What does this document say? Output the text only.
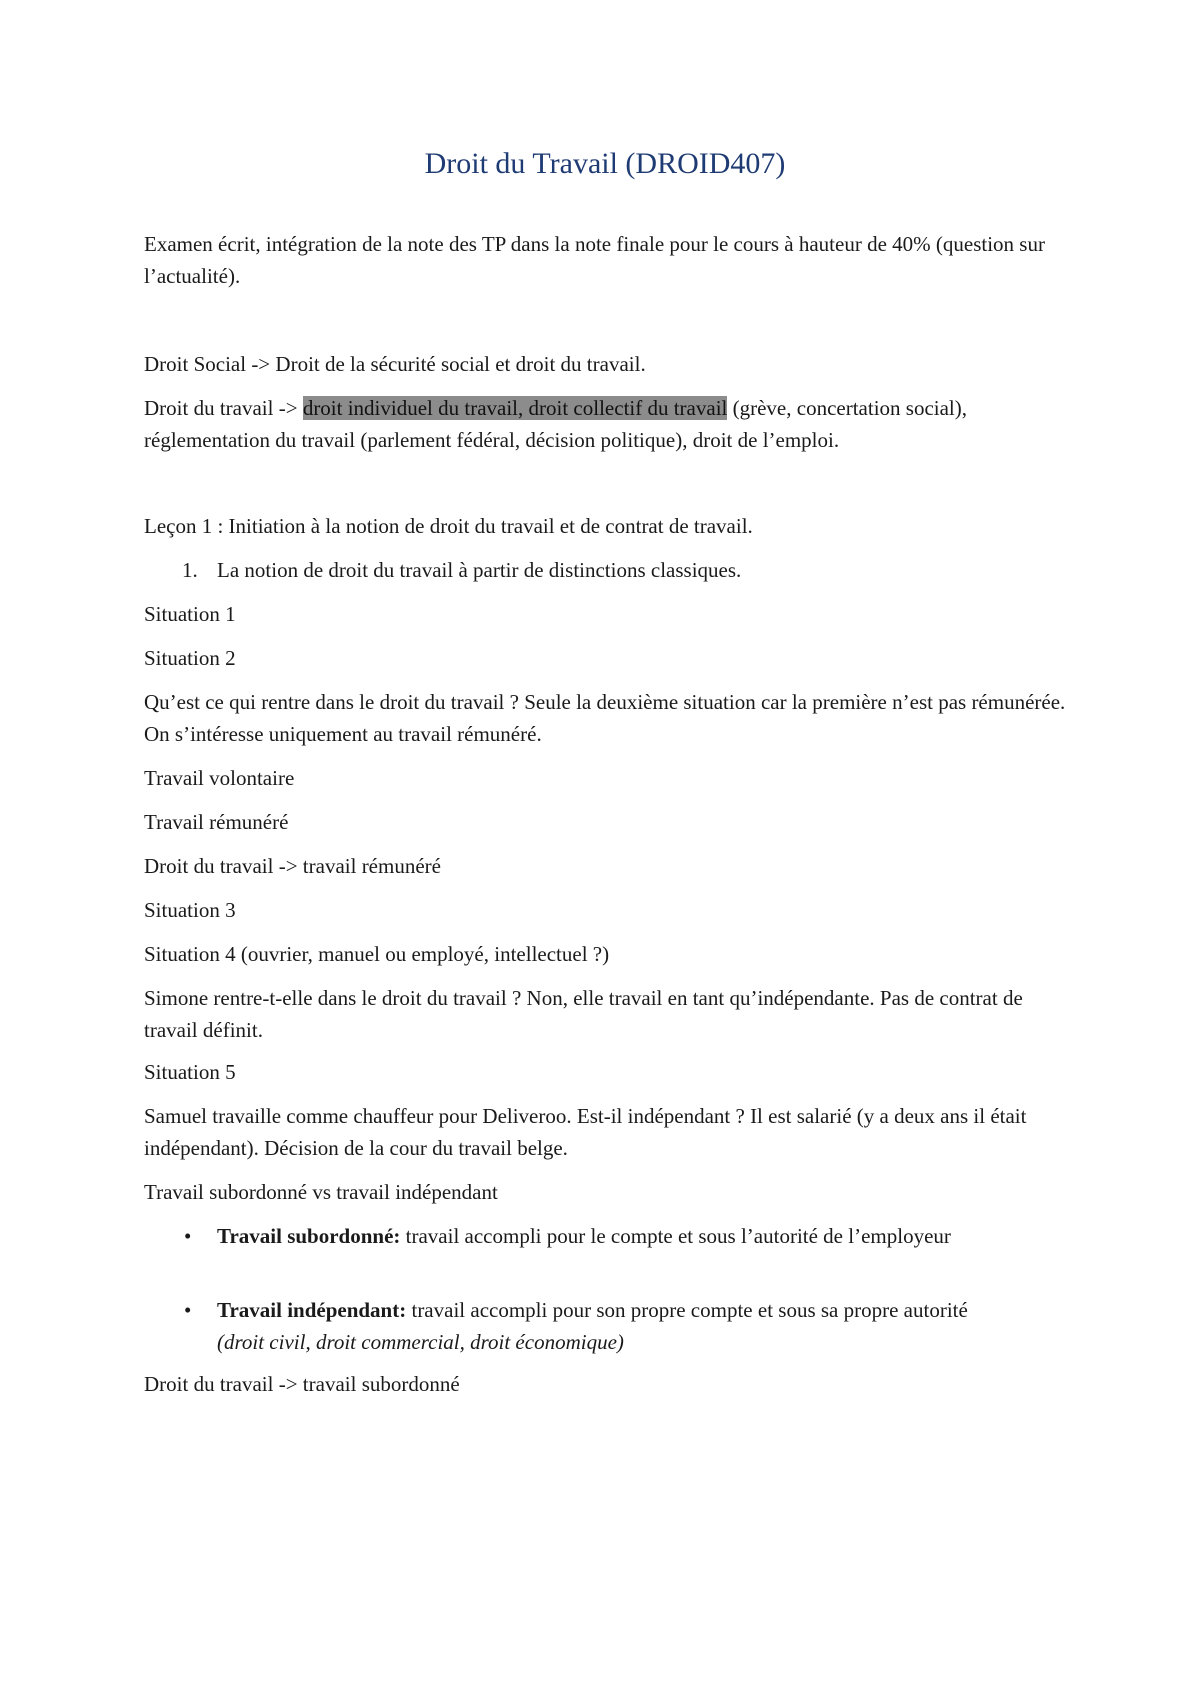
Droit du Travail (DROID407)

Examen écrit, intégration de la note des TP dans la note finale pour le cours à hauteur de 40% (question sur l’actualité).

Droit Social -> Droit de la sécurité social et droit du travail.

Droit du travail -> droit individuel du travail, droit collectif du travail (grève, concertation social), réglementation du travail (parlement fédéral, décision politique), droit de l’emploi.

Leçon 1 : Initiation à la notion de droit du travail et de contrat de travail.

1. La notion de droit du travail à partir de distinctions classiques.

Situation 1

Situation 2

Qu’est ce qui rentre dans le droit du travail ? Seule la deuxième situation car la première n’est pas rémunérée. On s’intéresse uniquement au travail rémunéré.

Travail volontaire

Travail rémunéré

Droit du travail -> travail rémunéré

Situation 3

Situation 4 (ouvrier, manuel ou employé, intellectuel ?)

Simone rentre-t-elle dans le droit du travail ? Non, elle travail en tant qu’indépendante. Pas de contrat de travail définit.

Situation 5

Samuel travaille comme chauffeur pour Deliveroo. Est-il indépendant ? Il est salarié (y a deux ans il était indépendant). Décision de la cour du travail belge.

Travail subordonné vs travail indépendant

• Travail subordonné: travail accompli pour le compte et sous l’autorité de l’employeur
• Travail indépendant: travail accompli pour son propre compte et sous sa propre autorité (droit civil, droit commercial, droit économique)

Droit du travail -> travail subordonné
